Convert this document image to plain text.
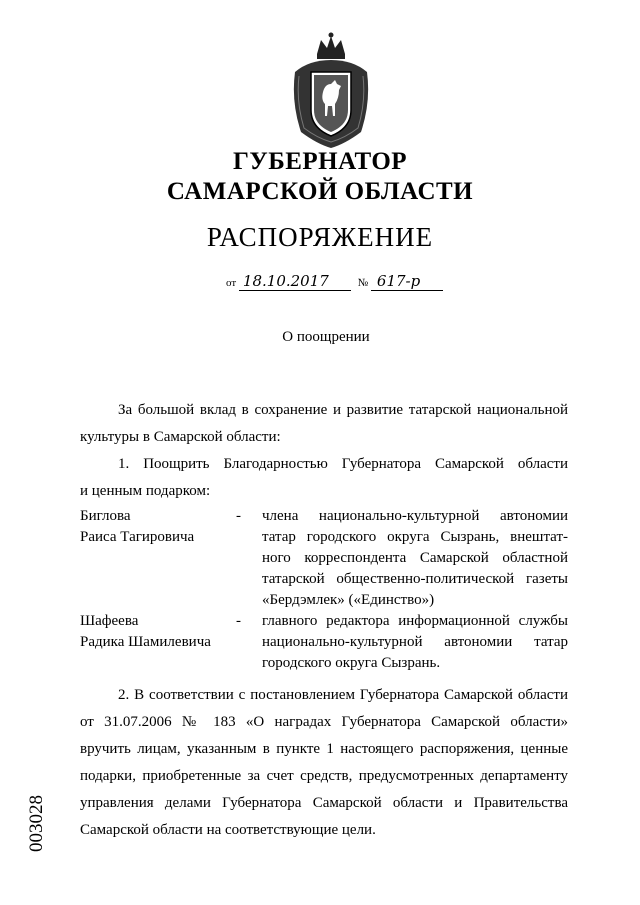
ГУБЕРНАТОР
САМАРСКОЙ ОБЛАСТИ
РАСПОРЯЖЕНИЕ
от 18.10.2017	№ 617-р
О поощрении
За большой вклад в сохранение и развитие татарской национальной
культуры в Самарской области:
1. Поощрить Благодарностью Губернатора Самарской области
и ценным подарком:
Биглова
Раиса Тагировича
- члена национально-культурной автономии
татар городского округа Сызрань, внештат-
ного корреспондента Самарской областной
татарской общественно-политической газеты
«Бердэмлек» («Единство»)
Шафеева
Радика Шамилевича
- главного редактора информационной службы
национально-культурной автономии татар
городского округа Сызрань.
2. В соответствии с постановлением Губернатора Самарской области
от 31.07.2006 № 183 «О наградах Губернатора Самарской области»
вручить лицам, указанным в пункте 1 настоящего распоряжения, ценные
подарки, приобретенные за счет средств, предусмотренных департаменту
управления делами Губернатора Самарской области и Правительства
Самарской области на соответствующие цели.
003028
